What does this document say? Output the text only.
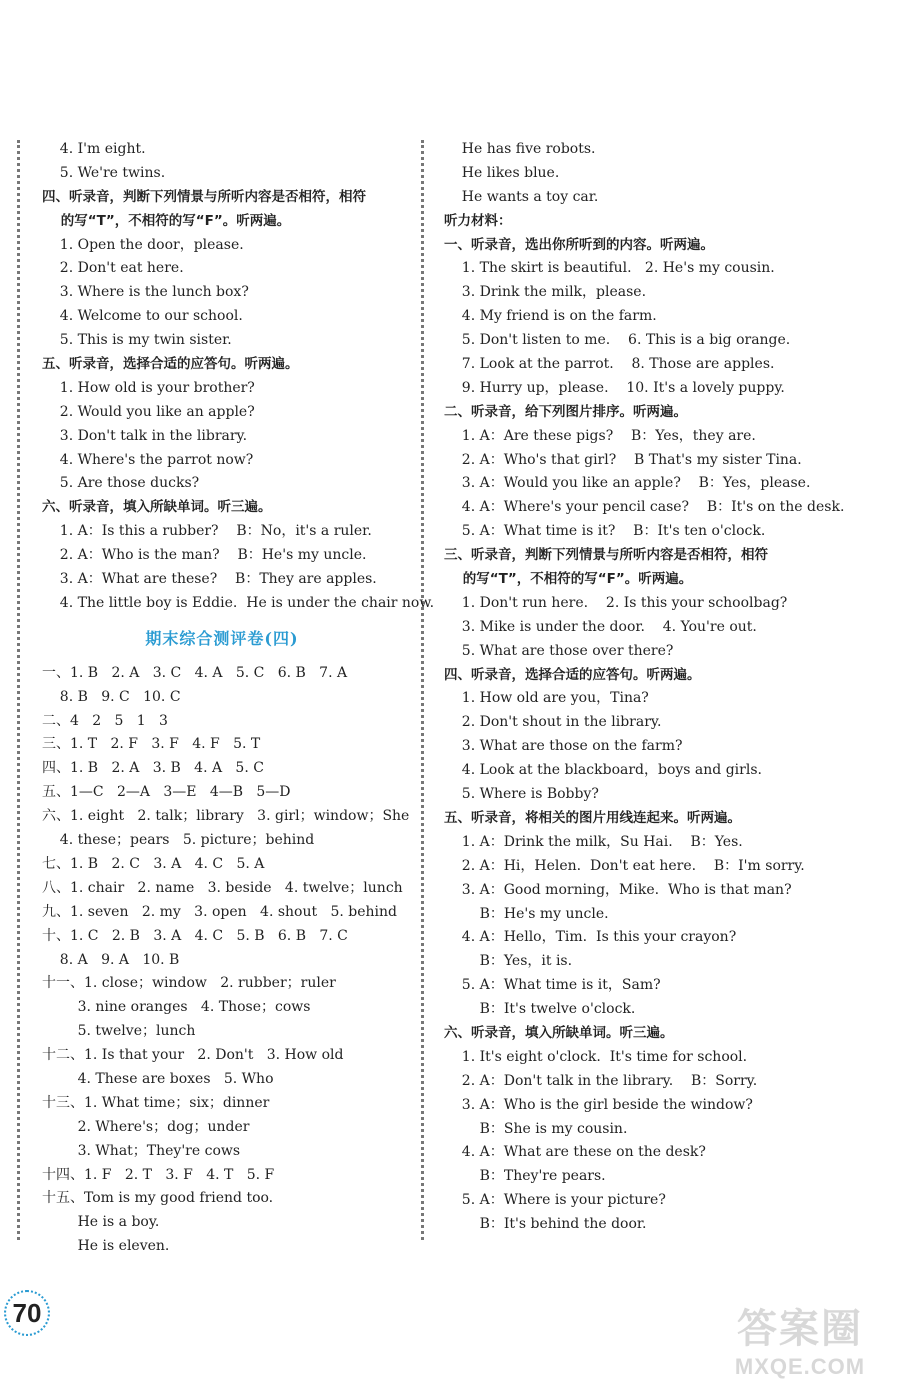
4. I'm eight.
5. We're twins.
四、听录音，判断下列情景与所听内容是否相符，相符
的写“T”，不相符的写“F”。听两遍。
1. Open the door，please.
2. Don't eat here.
3. Where is the lunch box?
4. Welcome to our school.
5. This is my twin sister.
五、听录音，选择合适的应答句。听两遍。
1. How old is your brother?
2. Would you like an apple?
3. Don't talk in the library.
4. Where's the parrot now?
5. Are those ducks?
六、听录音，填入所缺单词。听三遍。
1. A：Is this a rubber?    B：No，it's a ruler.
2. A：Who is the man?    B：He's my uncle.
3. A：What are these?    B：They are apples.
4. The little boy is Eddie.  He is under the chair now.
期末综合测评卷(四)
一、1. B   2. A   3. C   4. A   5. C   6. B   7. A
8. B   9. C   10. C
二、4   2   5   1   3
三、1. T   2. F   3. F   4. F   5. T
四、1. B   2. A   3. B   4. A   5. C
五、1—C   2—A   3—E   4—B   5—D
六、1. eight   2. talk；library   3. girl；window；She
4. these；pears   5. picture；behind
七、1. B   2. C   3. A   4. C   5. A
八、1. chair   2. name   3. beside   4. twelve；lunch
九、1. seven   2. my   3. open   4. shout   5. behind
十、1. C   2. B   3. A   4. C   5. B   6. B   7. C
8. A   9. A   10. B
十一、1. close；window   2. rubber；ruler
3. nine oranges   4. Those；cows
5. twelve；lunch
十二、1. Is that your   2. Don't   3. How old
4. These are boxes   5. Who
十三、1. What time；six；dinner
2. Where's；dog；under
3. What；They're cows
十四、1. F   2. T   3. F   4. T   5. F
十五、Tom is my good friend too.
He is a boy.
He is eleven.
He has five robots.
He likes blue.
He wants a toy car.
听力材料：
一、听录音，选出你所听到的内容。听两遍。
1. The skirt is beautiful.   2. He's my cousin.
3. Drink the milk，please.
4. My friend is on the farm.
5. Don't listen to me.    6. This is a big orange.
7. Look at the parrot.    8. Those are apples.
9. Hurry up，please.    10. It's a lovely puppy.
二、听录音，给下列图片排序。听两遍。
1. A：Are these pigs?    B：Yes，they are.
2. A：Who's that girl?    B That's my sister Tina.
3. A：Would you like an apple?    B：Yes，please.
4. A：Where's your pencil case?    B：It's on the desk.
5. A：What time is it?    B：It's ten o'clock.
三、听录音，判断下列情景与所听内容是否相符，相符
的写“T”，不相符的写“F”。听两遍。
1. Don't run here.    2. Is this your schoolbag?
3. Mike is under the door.    4. You're out.
5. What are those over there?
四、听录音，选择合适的应答句。听两遍。
1. How old are you，Tina?
2. Don't shout in the library.
3. What are those on the farm?
4. Look at the blackboard，boys and girls.
5. Where is Bobby?
五、听录音，将相关的图片用线连起来。听两遍。
1. A：Drink the milk，Su Hai.    B：Yes.
2. A：Hi，Helen.  Don't eat here.    B：I'm sorry.
3. A：Good morning，Mike.  Who is that man?
B：He's my uncle.
4. A：Hello，Tim.  Is this your crayon?
B：Yes，it is.
5. A：What time is it，Sam?
B：It's twelve o'clock.
六、听录音，填入所缺单词。听三遍。
1. It's eight o'clock.  It's time for school.
2. A：Don't talk in the library.    B：Sorry.
3. A：Who is the girl beside the window?
B：She is my cousin.
4. A：What are these on the desk?
B：They're pears.
5. A：Where is your picture?
B：It's behind the door.
70	答案圈
MXQE.COM
